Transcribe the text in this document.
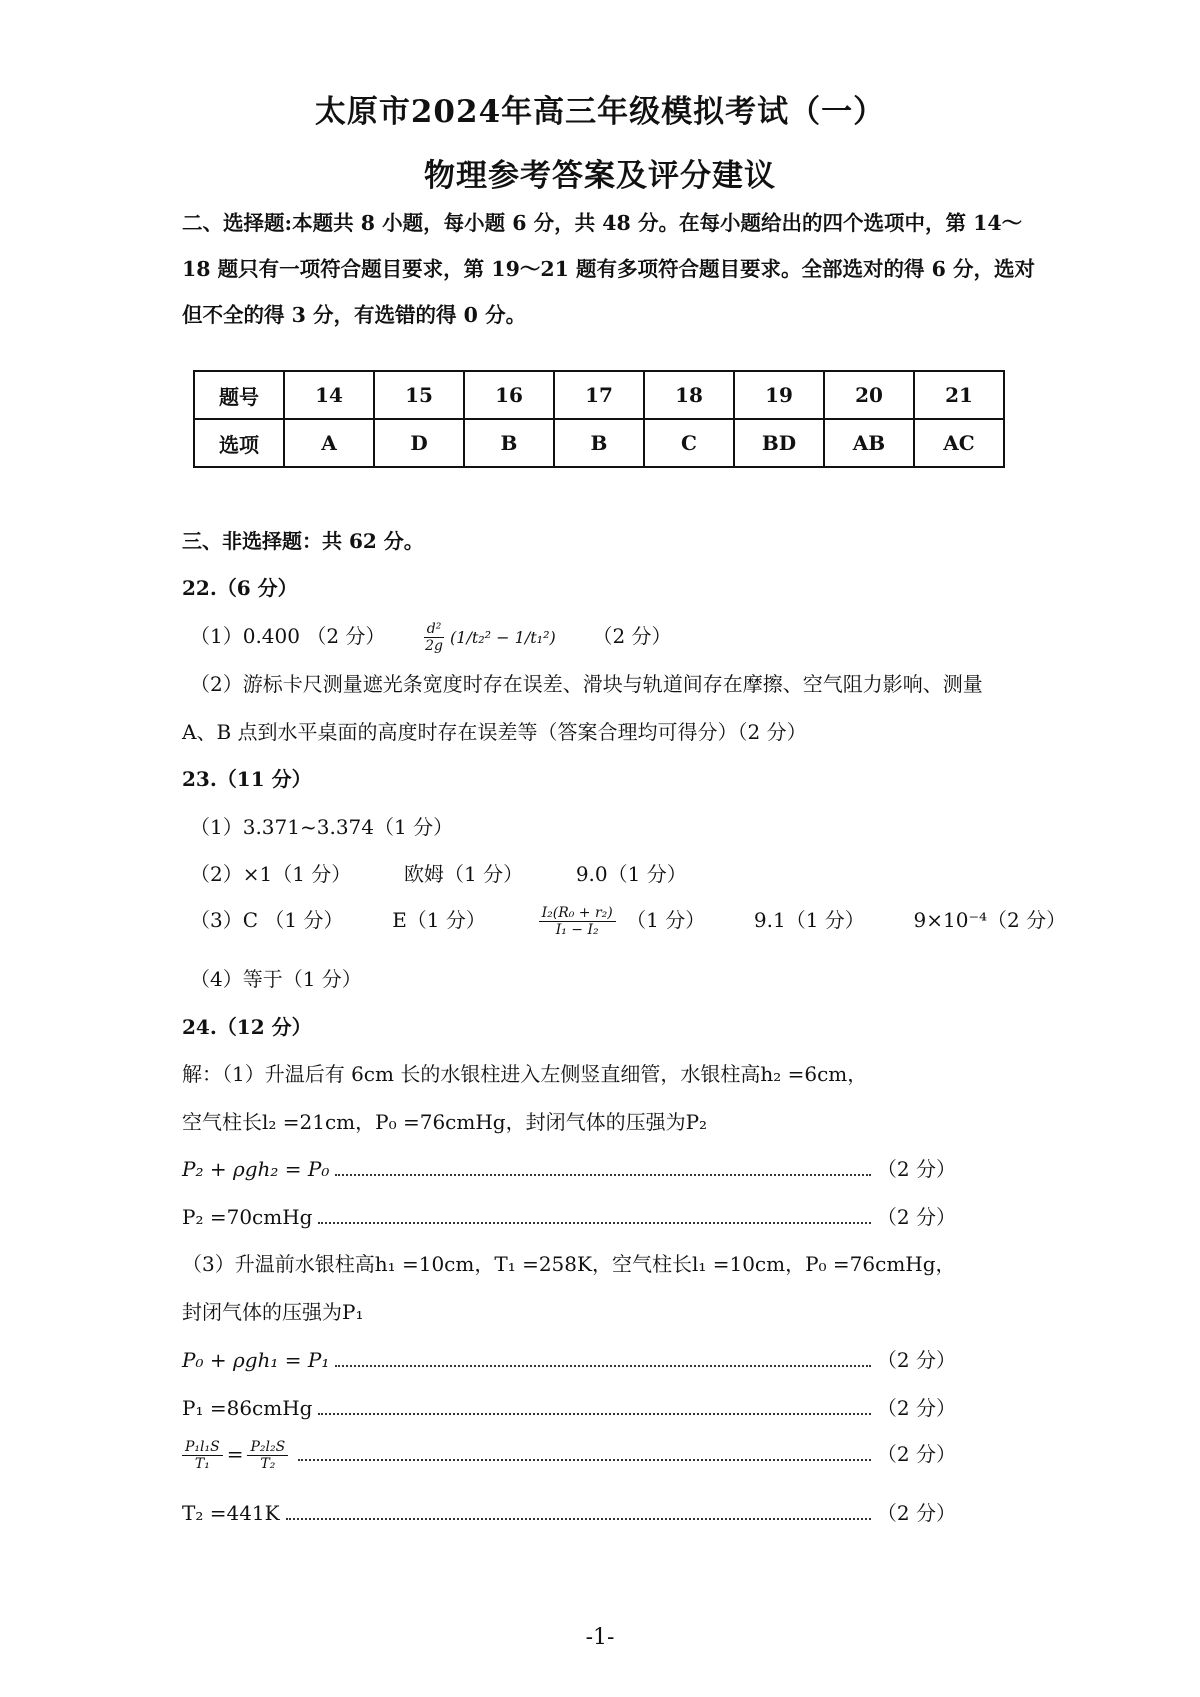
太原市2024年高三年级模拟考试（一）
物理参考答案及评分建议
二、选择题:本题共 8 小题，每小题 6 分，共 48 分。在每小题给出的四个选项中，第 14～
18 题只有一项符合题目要求，第 19～21 题有多项符合题目要求。全部选对的得 6 分，选对
但不全的得 3 分，有选错的得 0 分。
题号	14	15	16	17	18	19	20	21
选项	A	D	B	B	C	BD	AB	AC
三、非选择题：共 62 分。
22.（6 分）
（1）0.400 （2 分）	$\frac{\text{d²}}{2g} (1/t_2^2 - 1/t_1^2)$ （2 分）
（2）游标卡尺测量遮光条宽度时存在误差、滑块与轨道间存在摩擦、空气阻力影响、测量
A、B 点到水平桌面的高度时存在误差等（答案合理均可得分）（2 分）
23.（11 分）
（1）3.371~3.374（1 分）
（2）×1（1 分）	欧姆（1 分）	9.0（1 分）
（3）C （1 分） E（1 分）	$\frac{\text{I₂(R₀ + r₂)}}{\text{I₁ − I₂}} (1$ 分） 9.1（1 分） 9×10⁻⁴（2 分）
（4）等于（1 分）
24.（12 分）
解：（1）升温后有 6cm 长的水银柱进入左侧竖直细管，水银柱高h₂ =6cm，
空气柱长l₂ =21cm，P₀ =76cmHg，封闭气体的压强为P₂
P₂ + ρgh₂ = P₀	（2 分）
P₂ =70cmHg	（2 分）
（3）升温前水银柱高h₁ =10cm，T₁ =258K，空气柱长l₁ =10cm，P₀ =76cmHg，
封闭气体的压强为P₁
P₀ + ρgh₁ = P₁	（2 分）
P₁ =86cmHg	（2 分）
$\frac{\text{P₁l₁S}}{\text{T₁}} = \frac{\text{P₂l₂S}}{\text{T₂}}$	（2 分）
T₂ =441K	（2 分）
-1-
